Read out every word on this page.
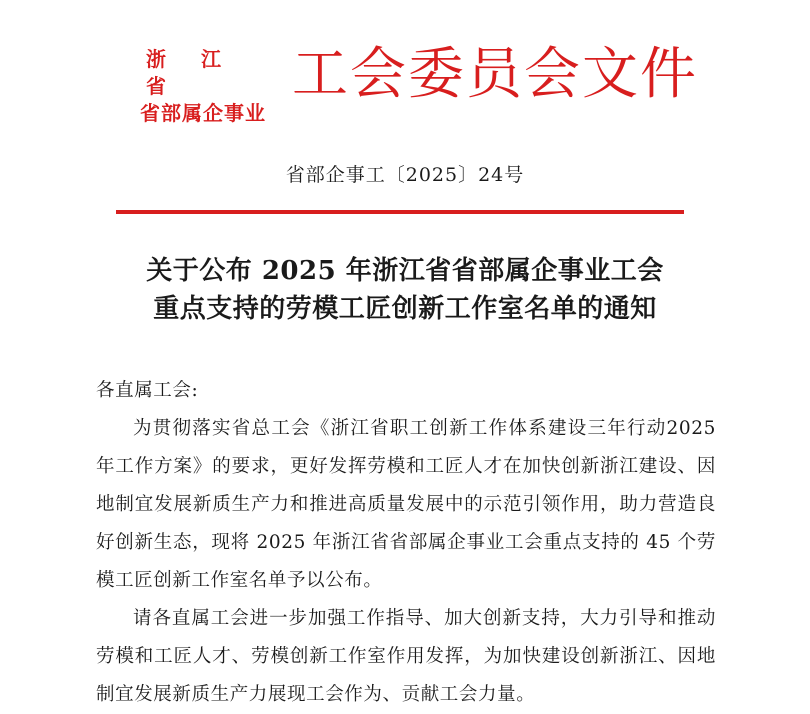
浙 江 省
省部属企事业
工会委员会文件
省部企事工〔2025〕24号
关于公布 2025 年浙江省省部属企事业工会
重点支持的劳模工匠创新工作室名单的通知

各直属工会:

为贯彻落实省总工会《浙江省职工创新工作体系建设三年行动2025 年工作方案》的要求，更好发挥劳模和工匠人才在加快创新浙江建设、因地制宜发展新质生产力和推进高质量发展中的示范引领作用，助力营造良好创新生态，现将 2025 年浙江省省部属企事业工会重点支持的 45 个劳模工匠创新工作室名单予以公布。

请各直属工会进一步加强工作指导、加大创新支持，大力引导和推动劳模和工匠人才、劳模创新工作室作用发挥，为加快建设创新浙江、因地制宜发展新质生产力展现工会作为、贡献工会力量。
